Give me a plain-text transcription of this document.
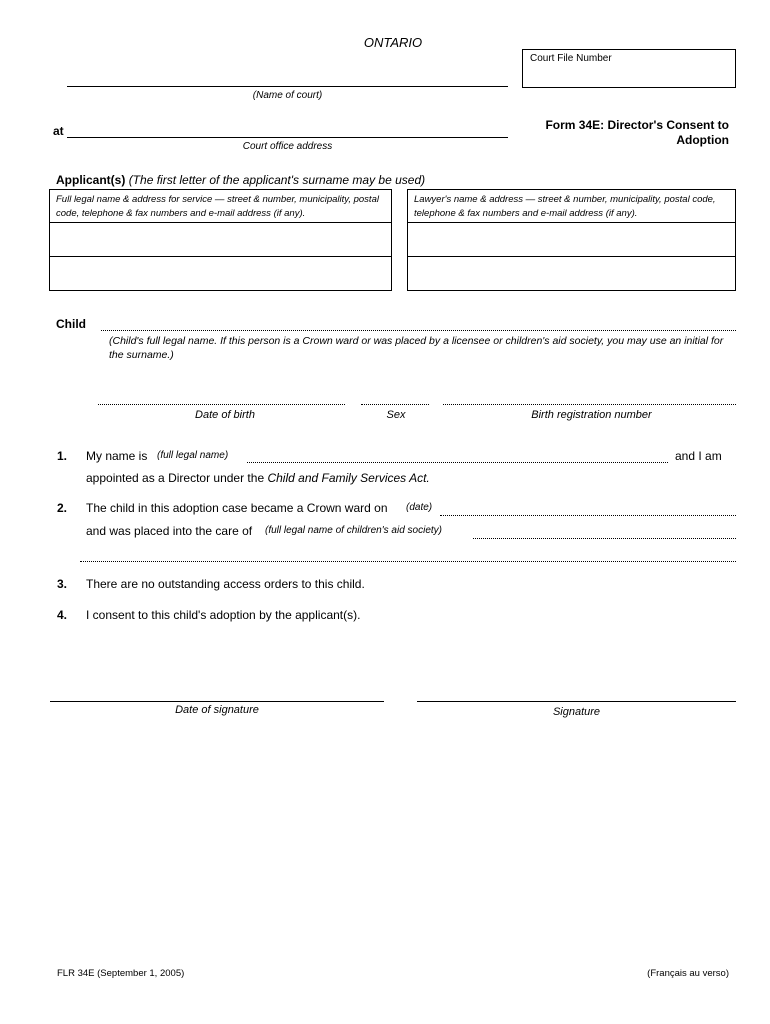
ONTARIO
Court File Number
(Name of court)
at
Court office address
Form 34E: Director's Consent to
Adoption
Applicant(s) (The first letter of the applicant's surname may be used)
Full legal name & address for service — street & number, municipality, postal code, telephone & fax numbers and e-mail address (if any).
Lawyer's name & address — street & number, municipality, postal code, telephone & fax numbers and e-mail address (if any).
Child
(Child's full legal name. If this person is a Crown ward or was placed by a licensee or children's aid society, you may use an initial for the surname.)
Date of birth	Sex	Birth registration number
1. My name is (full legal name)	and I am
appointed as a Director under the Child and Family Services Act.
2. The child in this adoption case became a Crown ward on (date)
and was placed into the care of (full legal name of children's aid society)
3. There are no outstanding access orders to this child.
4. I consent to this child's adoption by the applicant(s).
Date of signature	Signature
FLR 34E (September 1, 2005)	(Français au verso)
